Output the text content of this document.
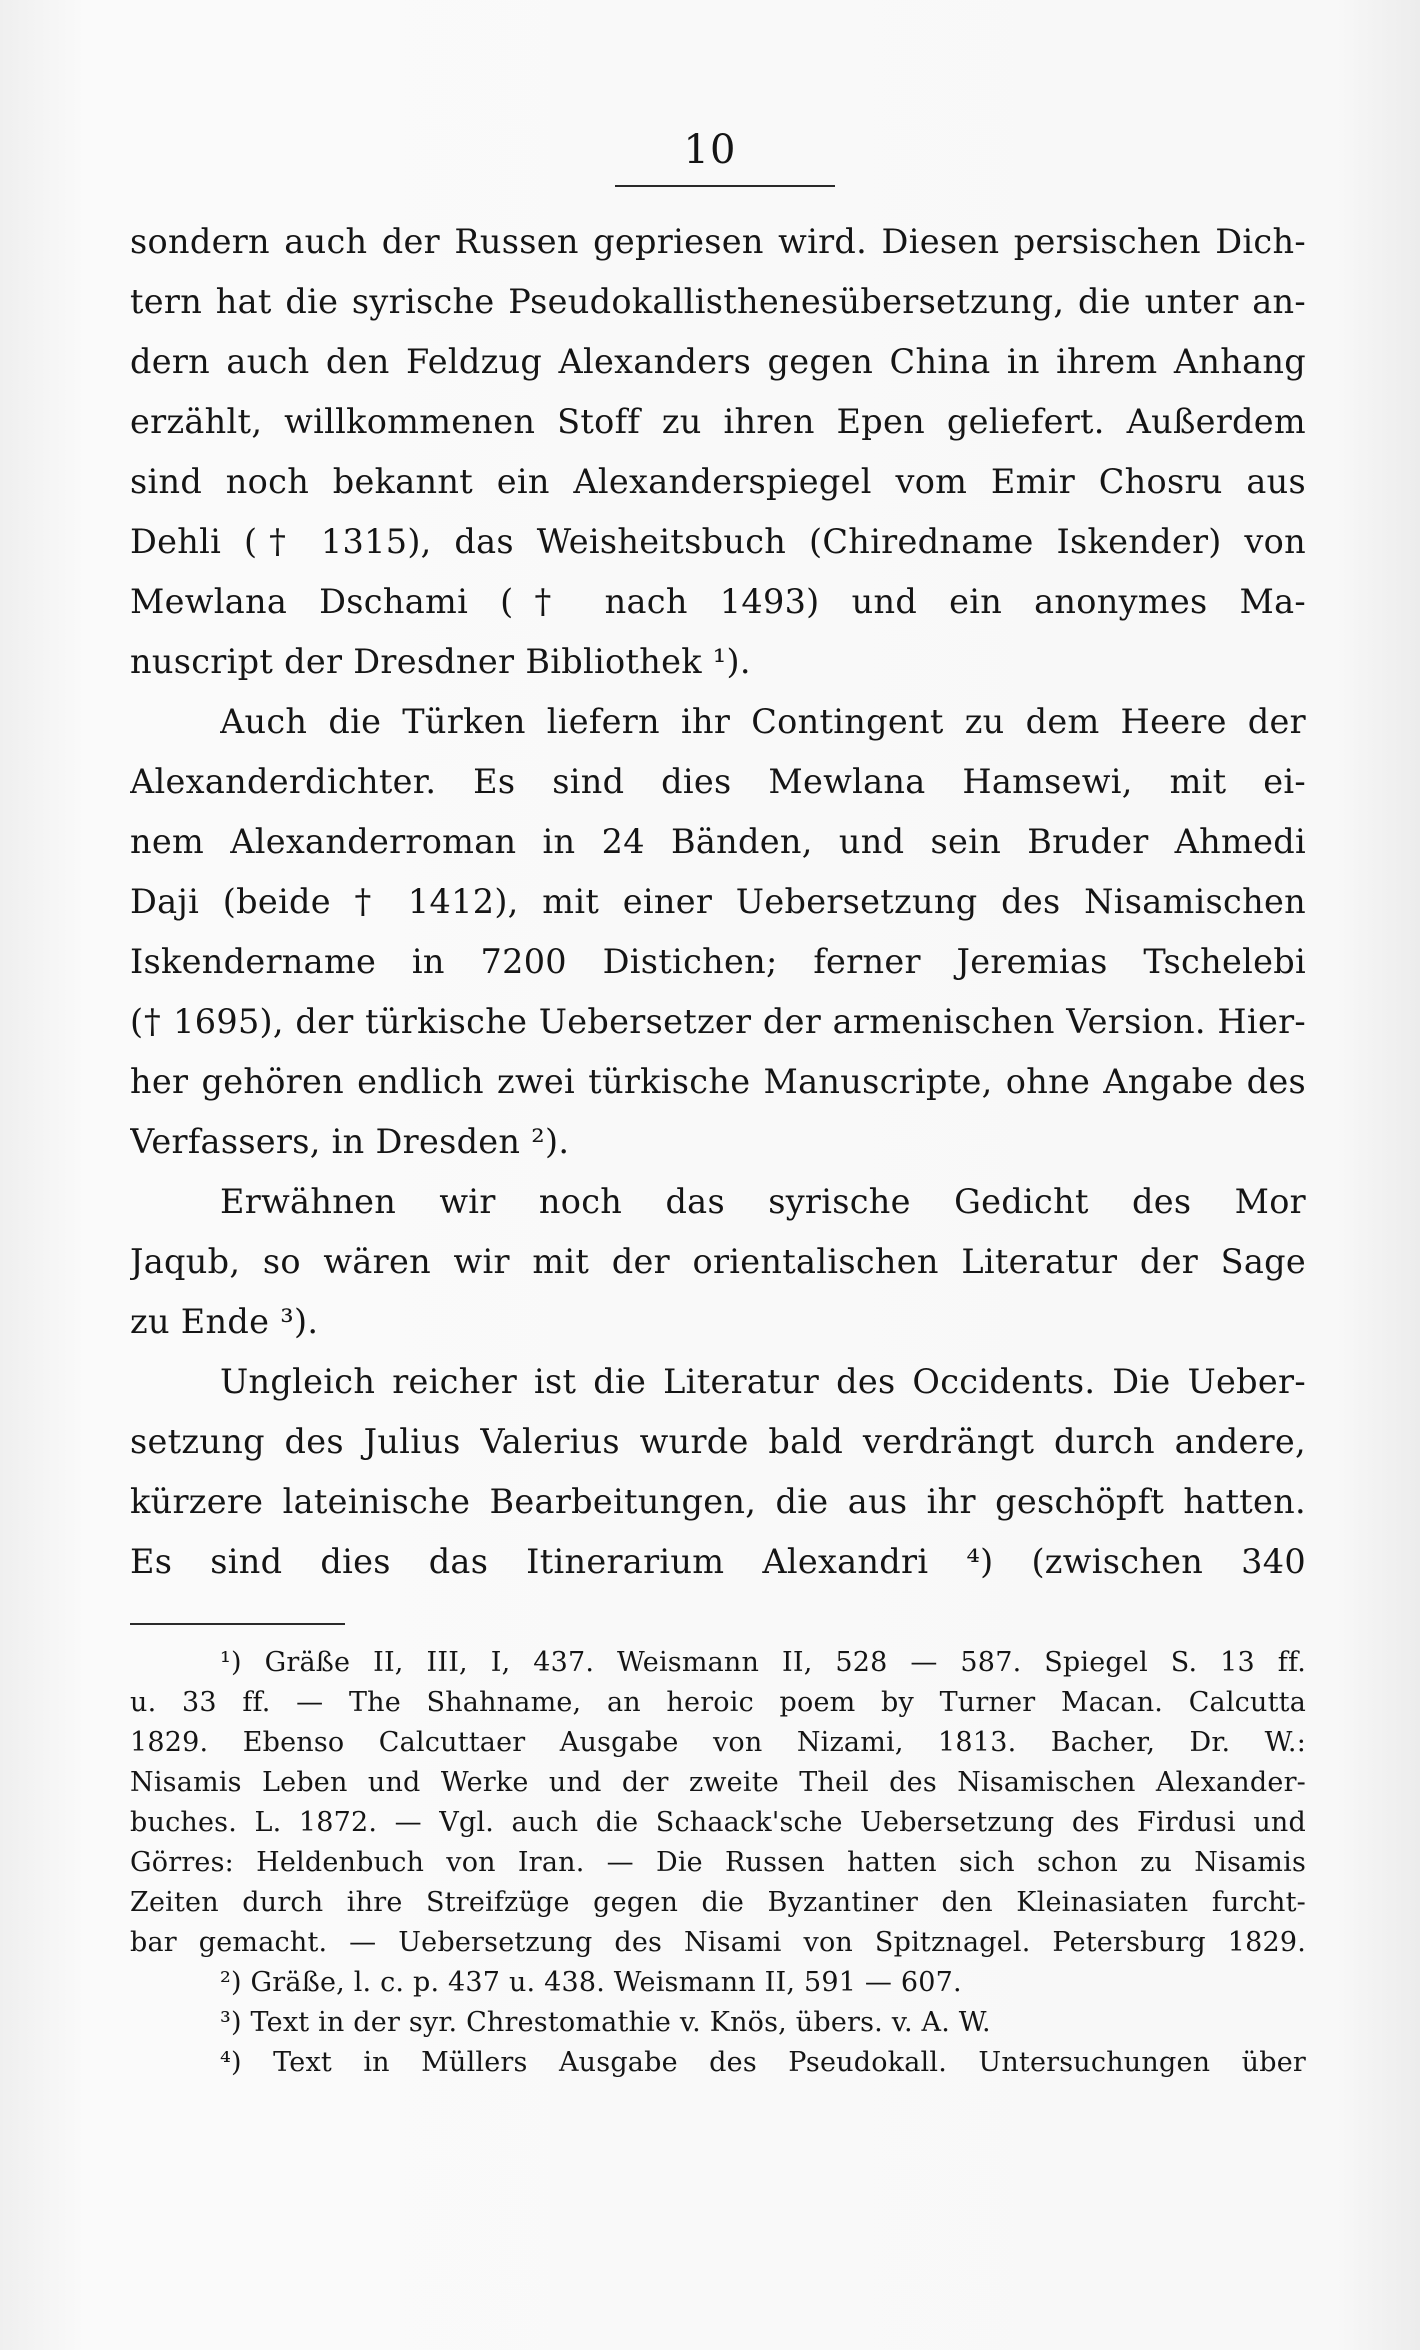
10
sondern auch der Russen gepriesen wird. Diesen persischen Dich-
tern hat die syrische Pseudokallisthenesübersetzung, die unter an-
dern auch den Feldzug Alexanders gegen China in ihrem Anhang
erzählt, willkommenen Stoff zu ihren Epen geliefert. Außerdem
sind noch bekannt ein Alexanderspiegel vom Emir Chosru aus
Dehli († 1315), das Weisheitsbuch (Chiredname Iskender) von
Mewlana Dschami († nach 1493) und ein anonymes Ma-
nuscript der Dresdner Bibliothek ¹).
Auch die Türken liefern ihr Contingent zu dem Heere der
Alexanderdichter. Es sind dies Mewlana Hamsewi, mit ei-
nem Alexanderroman in 24 Bänden, und sein Bruder Ahmedi
Daji (beide † 1412), mit einer Uebersetzung des Nisamischen
Iskendername in 7200 Distichen; ferner Jeremias Tschelebi
(† 1695), der türkische Uebersetzer der armenischen Version. Hier-
her gehören endlich zwei türkische Manuscripte, ohne Angabe des
Verfassers, in Dresden ²).
Erwähnen wir noch das syrische Gedicht des Mor
Jaqub, so wären wir mit der orientalischen Literatur der Sage
zu Ende ³).
Ungleich reicher ist die Literatur des Occidents. Die Ueber-
setzung des Julius Valerius wurde bald verdrängt durch andere,
kürzere lateinische Bearbeitungen, die aus ihr geschöpft hatten.
Es sind dies das Itinerarium Alexandri ⁴) (zwischen 340
¹) Gräße II, III, I, 437. Weismann II, 528 — 587. Spiegel S. 13 ff.
u. 33 ff. — The Shahname, an heroic poem by Turner Macan. Calcutta
1829. Ebenso Calcuttaer Ausgabe von Nizami, 1813. Bacher, Dr. W.:
Nisamis Leben und Werke und der zweite Theil des Nisamischen Alexander-
buches. L. 1872. — Vgl. auch die Schaack'sche Uebersetzung des Firdusi und
Görres: Heldenbuch von Iran. — Die Russen hatten sich schon zu Nisamis
Zeiten durch ihre Streifzüge gegen die Byzantiner den Kleinasiaten furcht-
bar gemacht. — Uebersetzung des Nisami von Spitznagel. Petersburg 1829.
²) Gräße, l. c. p. 437 u. 438. Weismann II, 591 — 607.
³) Text in der syr. Chrestomathie v. Knös, übers. v. A. W.
⁴) Text in Müllers Ausgabe des Pseudokall. Untersuchungen über
